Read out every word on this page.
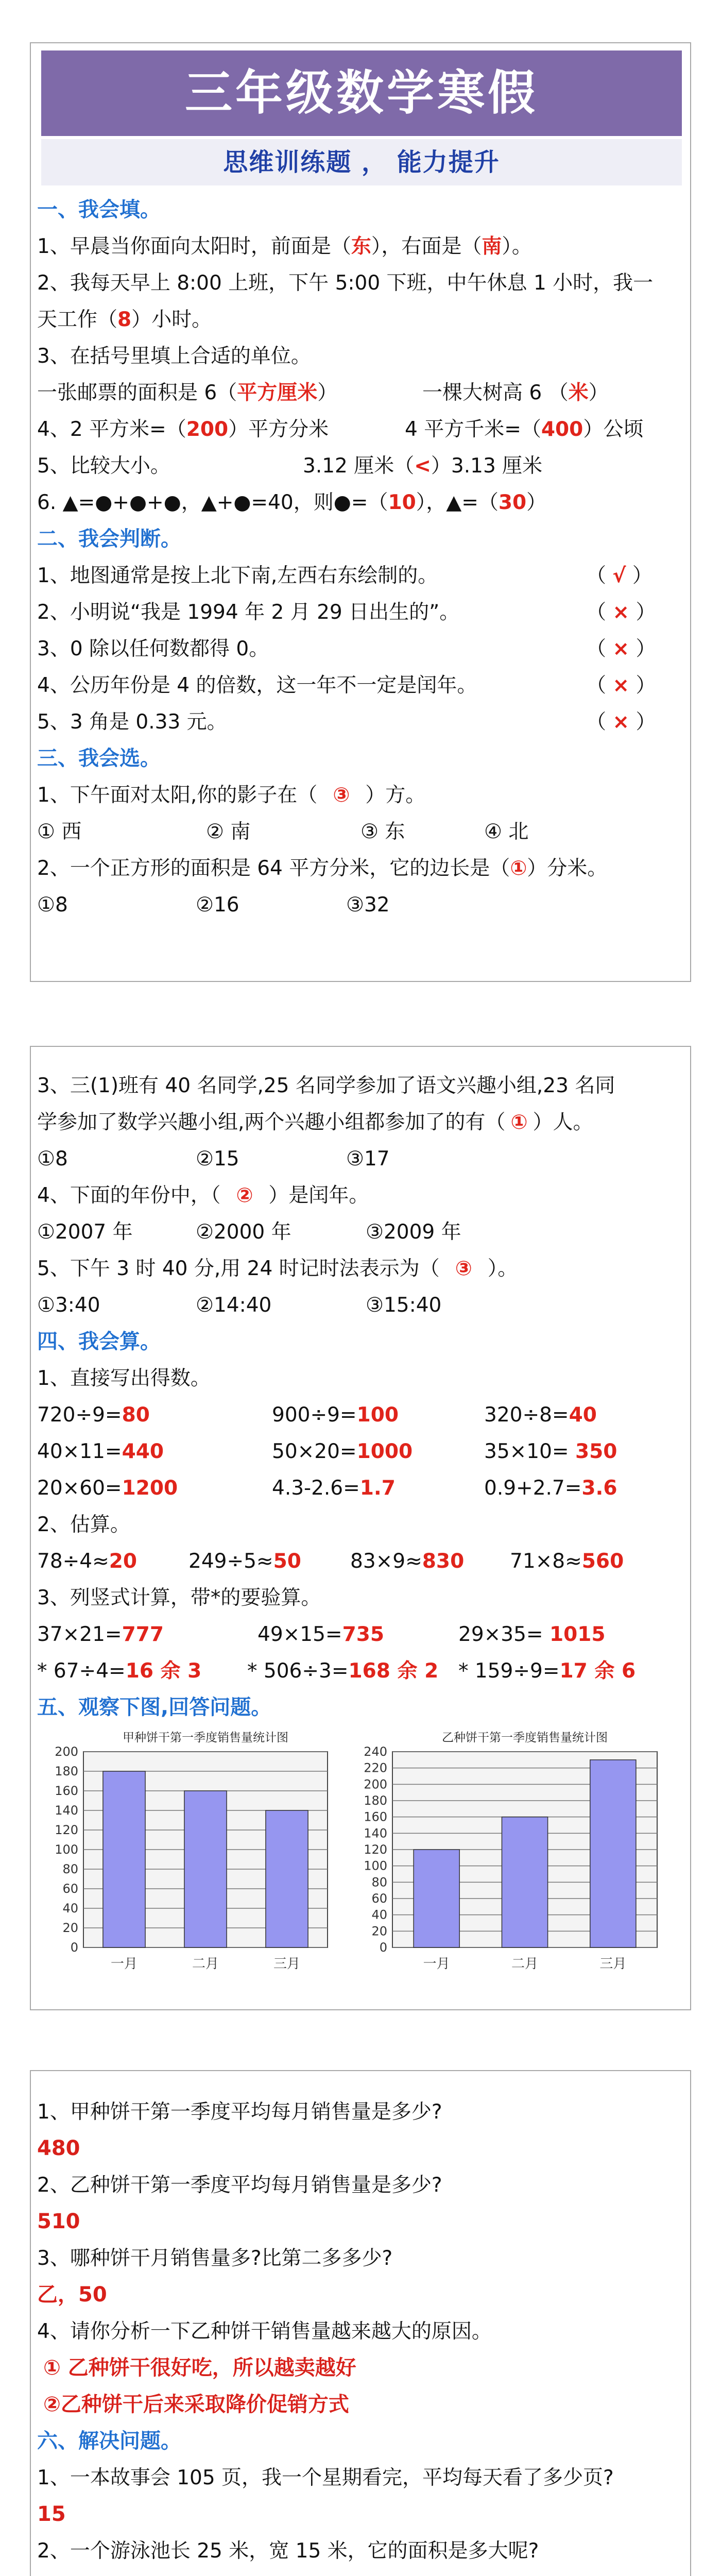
三年级数学寒假
思维训练题 ， 能力提升
一、我会填。
1、早晨当你面向太阳时，前面是（东），右面是（南）。
2、我每天早上 8:00 上班，下午 5:00 下班，中午休息 1 小时，我一
天工作（8）小时。
3、在括号里填上合适的单位。
一张邮票的面积是 6（平方厘米）	一棵大树高 6 （米）
4、2 平方米=（200）平方分米	4 平方千米=（400）公顷
5、比较大小。	3.12 厘米（<）3.13 厘米
6. ▲=●+●+●，▲+●=40，则●=（10），▲=（30）
二、我会判断。
1、地图通常是按上北下南,左西右东绘制的。	（ √ ）
2、小明说“我是 1994 年 2 月 29 日出生的”。	（ × ）
3、0 除以任何数都得 0。	（ × ）
4、公历年份是 4 的倍数，这一年不一定是闰年。	（ × ）
5、3 角是 0.33 元。	（ × ）
三、我会选。
1、下午面对太阳,你的影子在（ ③ ）方。
① 西	② 南	③ 东	④ 北
2、一个正方形的面积是 64 平方分米，它的边长是（①）分米。
①8	②16	③32
3、三(1)班有 40 名同学,25 名同学参加了语文兴趣小组,23 名同
学参加了数学兴趣小组,两个兴趣小组都参加了的有（ ① ）人。
①8	②15	③17
4、下面的年份中，（ ② ）是闰年。
①2007 年	②2000 年	③2009 年
5、下午 3 时 40 分,用 24 时记时法表示为（ ③ ）。
①3:40	②14:40	③15:40
四、我会算。
1、直接写出得数。
720÷9=80	900÷9=100	320÷8=40
40×11=440	50×20=1000	35×10= 350
20×60=1200	4.3-2.6=1.7	0.9+2.7=3.6
2、估算。
78÷4≈20	249÷5≈50 83×9≈830 71×8≈560
3、列竖式计算，带*的要验算。
37×21=777	49×15=735	29×35= 1015
* 67÷4=16 余 3 * 506÷3=168 余 2 * 159÷9=17 余 6
五、观察下图,回答问题。
甲种饼干第一季度销售量统计图
0
20
40
60
80
100
120
140
160
180
200
一月	二月	三月
乙种饼干第一季度销售量统计图
0
20
40
60
80
100
120
140
160
180
200
220
240
一月	二月	三月
1、甲种饼干第一季度平均每月销售量是多少?
480
2、乙种饼干第一季度平均每月销售量是多少?
510
3、哪种饼干月销售量多?比第二多多少?
乙，50
4、请你分析一下乙种饼干销售量越来越大的原因。
① 乙种饼干很好吃，所以越卖越好
②乙种饼干后来采取降价促销方式
六、解决问题。
1、一本故事会 105 页，我一个星期看完，平均每天看了多少页?
15
2、一个游泳池长 25 米，宽 15 米，它的面积是多大呢?
